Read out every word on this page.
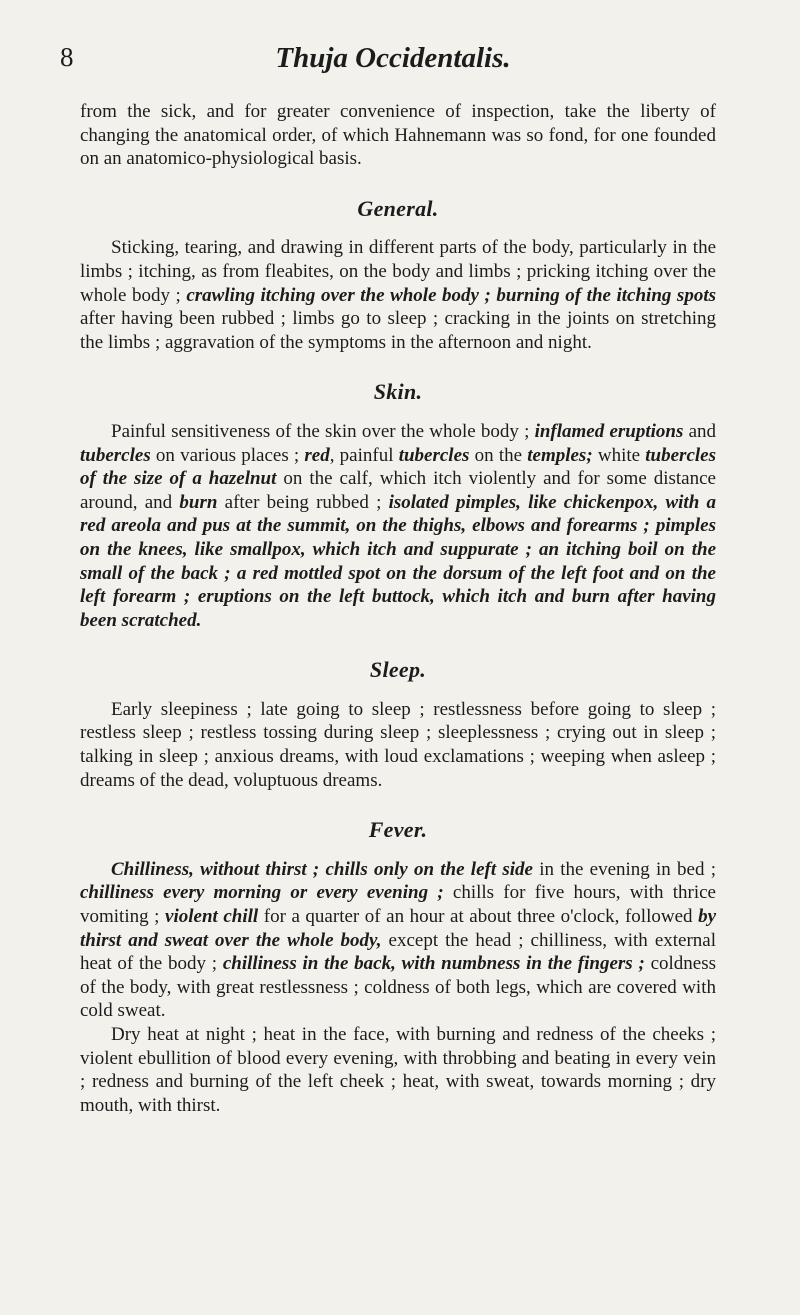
8	Thuja Occidentalis.

from the sick, and for greater convenience of inspection, take the liberty of changing the anatomical order, of which Hahnemann was so fond, for one founded on an anatomico-physiological basis.

General.

Sticking, tearing, and drawing in different parts of the body, particularly in the limbs ; itching, as from fleabites, on the body and limbs ; pricking itching over the whole body ; crawling itching over the whole body ; burning of the itching spots after having been rubbed ; limbs go to sleep ; cracking in the joints on stretching the limbs ; aggravation of the symptoms in the afternoon and night.

Skin.

Painful sensitiveness of the skin over the whole body ; inflamed eruptions and tubercles on various places ; red, painful tubercles on the temples; white tubercles of the size of a hazelnut on the calf, which itch violently and for some distance around, and burn after being rubbed ; isolated pimples, like chickenpox, with a red areola and pus at the summit, on the thighs, elbows and forearms ; pimples on the knees, like smallpox, which itch and suppurate ; an itching boil on the small of the back ; a red mottled spot on the dorsum of the left foot and on the left forearm ; eruptions on the left buttock, which itch and burn after having been scratched.

Sleep.

Early sleepiness ; late going to sleep ; restlessness before going to sleep ; restless sleep ; restless tossing during sleep ; sleeplessness ; crying out in sleep ; talking in sleep ; anxious dreams, with loud exclamations ; weeping when asleep ; dreams of the dead, voluptuous dreams.

Fever.

Chilliness, without thirst ; chills only on the left side in the evening in bed ; chilliness every morning or every evening ; chills for five hours, with thrice vomiting ; violent chill for a quarter of an hour at about three o'clock, followed by thirst and sweat over the whole body, except the head ; chilliness, with external heat of the body ; chilliness in the back, with numbness in the fingers ; coldness of the body, with great restlessness ; coldness of both legs, which are covered with cold sweat.

Dry heat at night ; heat in the face, with burning and redness of the cheeks ; violent ebullition of blood every evening, with throbbing and beating in every vein ; redness and burning of the left cheek ; heat, with sweat, towards morning ; dry mouth, with thirst.
